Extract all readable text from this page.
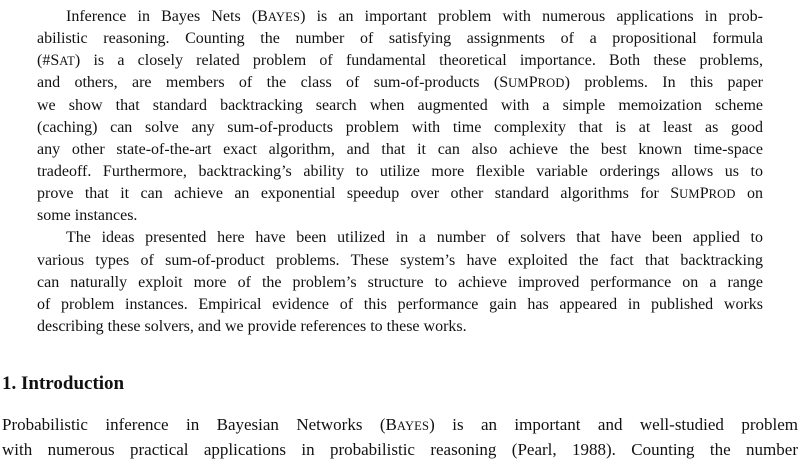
Inference in Bayes Nets (BAYES) is an important problem with numerous applications in prob-
abilistic reasoning. Counting the number of satisfying assignments of a propositional formula
(#SAT) is a closely related problem of fundamental theoretical importance. Both these problems,
and others, are members of the class of sum-of-products (SUMPROD) problems. In this paper
we show that standard backtracking search when augmented with a simple memoization scheme
(caching) can solve any sum-of-products problem with time complexity that is at least as good
any other state-of-the-art exact algorithm, and that it can also achieve the best known time-space
tradeoff. Furthermore, backtracking’s ability to utilize more flexible variable orderings allows us to
prove that it can achieve an exponential speedup over other standard algorithms for SUMPROD on
some instances.
The ideas presented here have been utilized in a number of solvers that have been applied to
various types of sum-of-product problems. These system’s have exploited the fact that backtracking
can naturally exploit more of the problem’s structure to achieve improved performance on a range
of problem instances. Empirical evidence of this performance gain has appeared in published works
describing these solvers, and we provide references to these works.
1. Introduction
Probabilistic inference in Bayesian Networks (BAYES) is an important and well-studied problem
with numerous practical applications in probabilistic reasoning (Pearl, 1988). Counting the number
